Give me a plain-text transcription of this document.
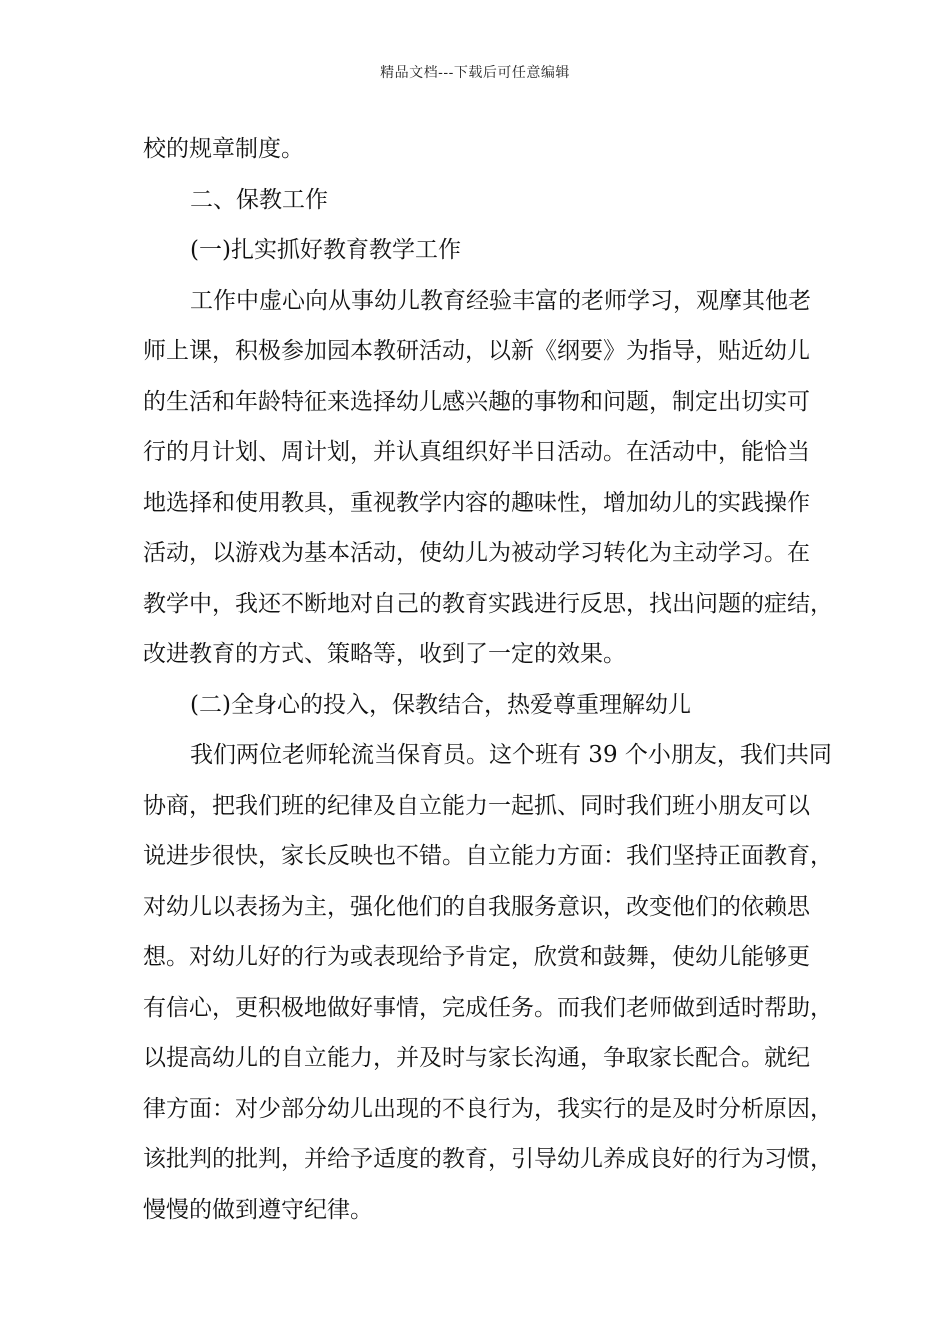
精品文档---下载后可任意编辑
校的规章制度。
二、保教工作
(一)扎实抓好教育教学工作
工作中虚心向从事幼儿教育经验丰富的老师学习，观摩其他老
师上课，积极参加园本教研活动，以新《纲要》为指导，贴近幼儿
的生活和年龄特征来选择幼儿感兴趣的事物和问题，制定出切实可
行的月计划、周计划，并认真组织好半日活动。在活动中，能恰当
地选择和使用教具，重视教学内容的趣味性，增加幼儿的实践操作
活动，以游戏为基本活动，使幼儿为被动学习转化为主动学习。在
教学中，我还不断地对自己的教育实践进行反思，找出问题的症结，
改进教育的方式、策略等，收到了一定的效果。
(二)全身心的投入，保教结合，热爱尊重理解幼儿
我们两位老师轮流当保育员。这个班有 39 个小朋友，我们共同
协商，把我们班的纪律及自立能力一起抓、同时我们班小朋友可以
说进步很快，家长反映也不错。自立能力方面：我们坚持正面教育，
对幼儿以表扬为主，强化他们的自我服务意识，改变他们的依赖思
想。对幼儿好的行为或表现给予肯定，欣赏和鼓舞，使幼儿能够更
有信心，更积极地做好事情，完成任务。而我们老师做到适时帮助，
以提高幼儿的自立能力，并及时与家长沟通，争取家长配合。就纪
律方面：对少部分幼儿出现的不良行为，我实行的是及时分析原因，
该批判的批判，并给予适度的教育，引导幼儿养成良好的行为习惯，
慢慢的做到遵守纪律。
